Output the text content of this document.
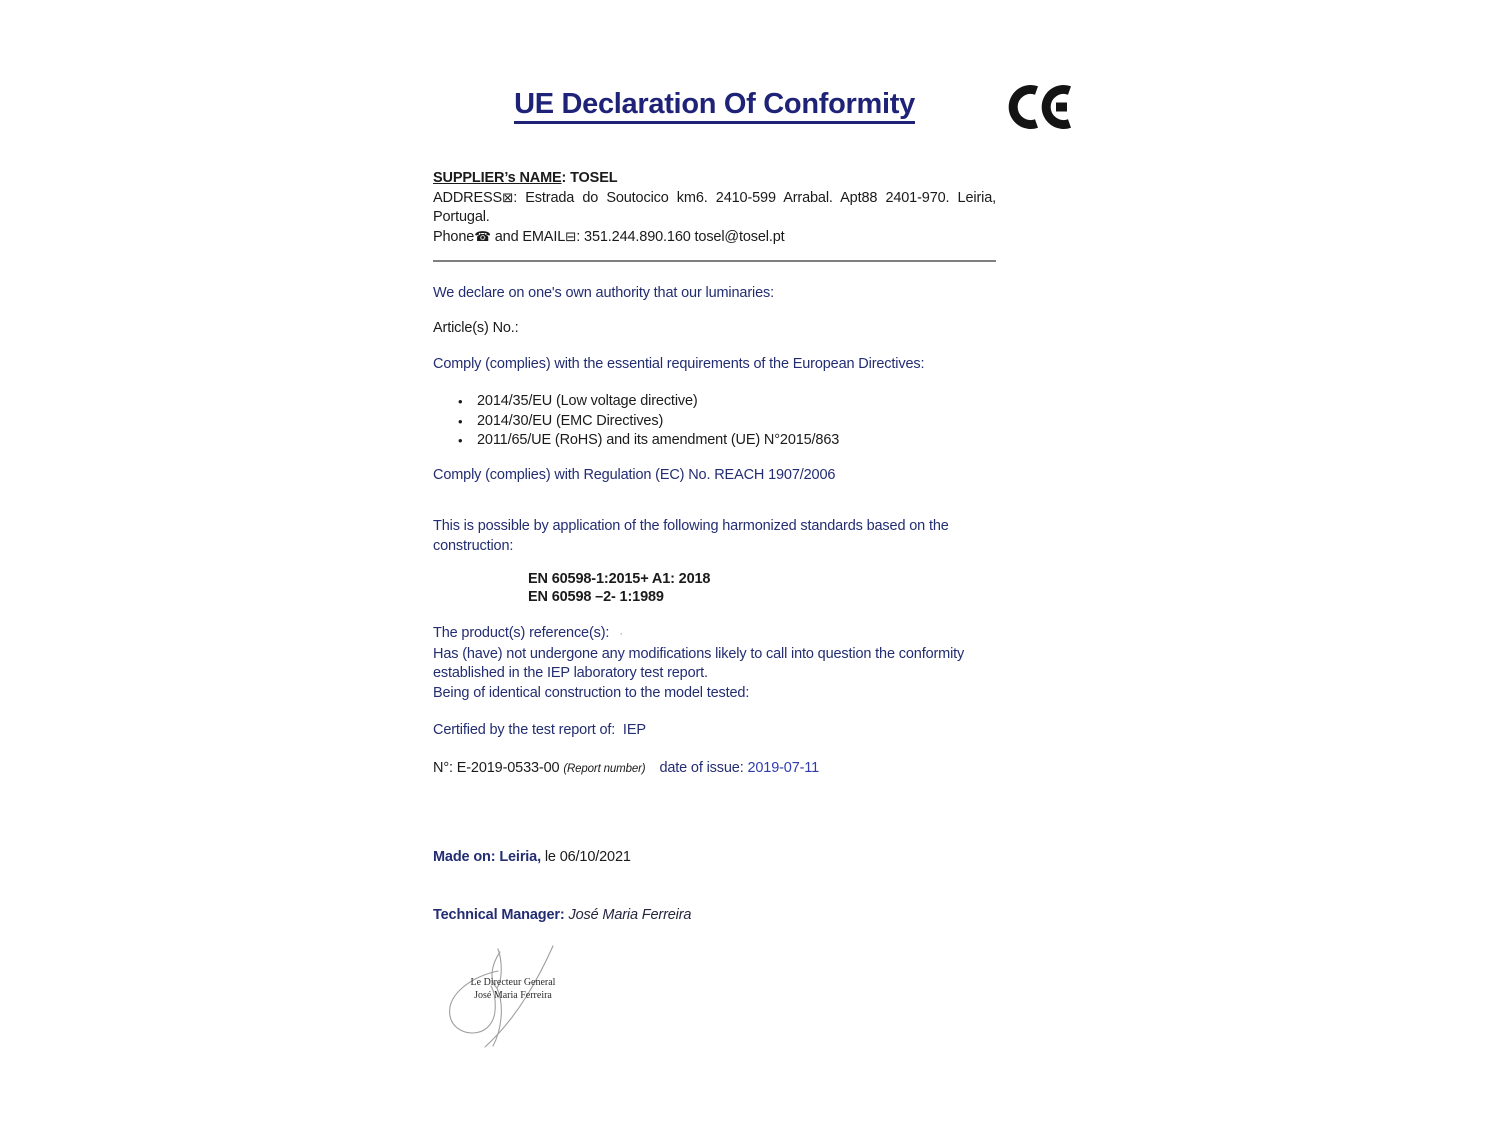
UE Declaration Of Conformity

SUPPLIER’s NAME: TOSEL

ADDRESS⊠: Estrada do Soutocico km6. 2410-599 Arrabal. Apt88 2401-970. Leiria, Portugal.

Phone☎ and EMAIL⊟: 351.244.890.160 tosel@tosel.pt

We declare on one's own authority that our luminaries:

Article(s) No.:

Comply (complies) with the essential requirements of the European Directives:

• 2014/35/EU (Low voltage directive)
• 2014/30/EU (EMC Directives)
• 2011/65/UE (RoHS) and its amendment (UE) N°2015/863

Comply (complies) with Regulation (EC) No. REACH 1907/2006

This is possible by application of the following harmonized standards based on the construction:

EN 60598-1:2015+ A1: 2018
EN 60598 –2- 1:1989

The product(s) reference(s): ·

Has (have) not undergone any modifications likely to call into question the conformity established in the IEP laboratory test report.

Being of identical construction to the model tested:

Certified by the test report of:  IEP

N°: E-2019-0533-00 (Report number) date of issue: 2019-07-11

Made on: Leiria, le 06/10/2021

Technical Manager: José Maria Ferreira

Le Directeur General
José Maria Ferreira
